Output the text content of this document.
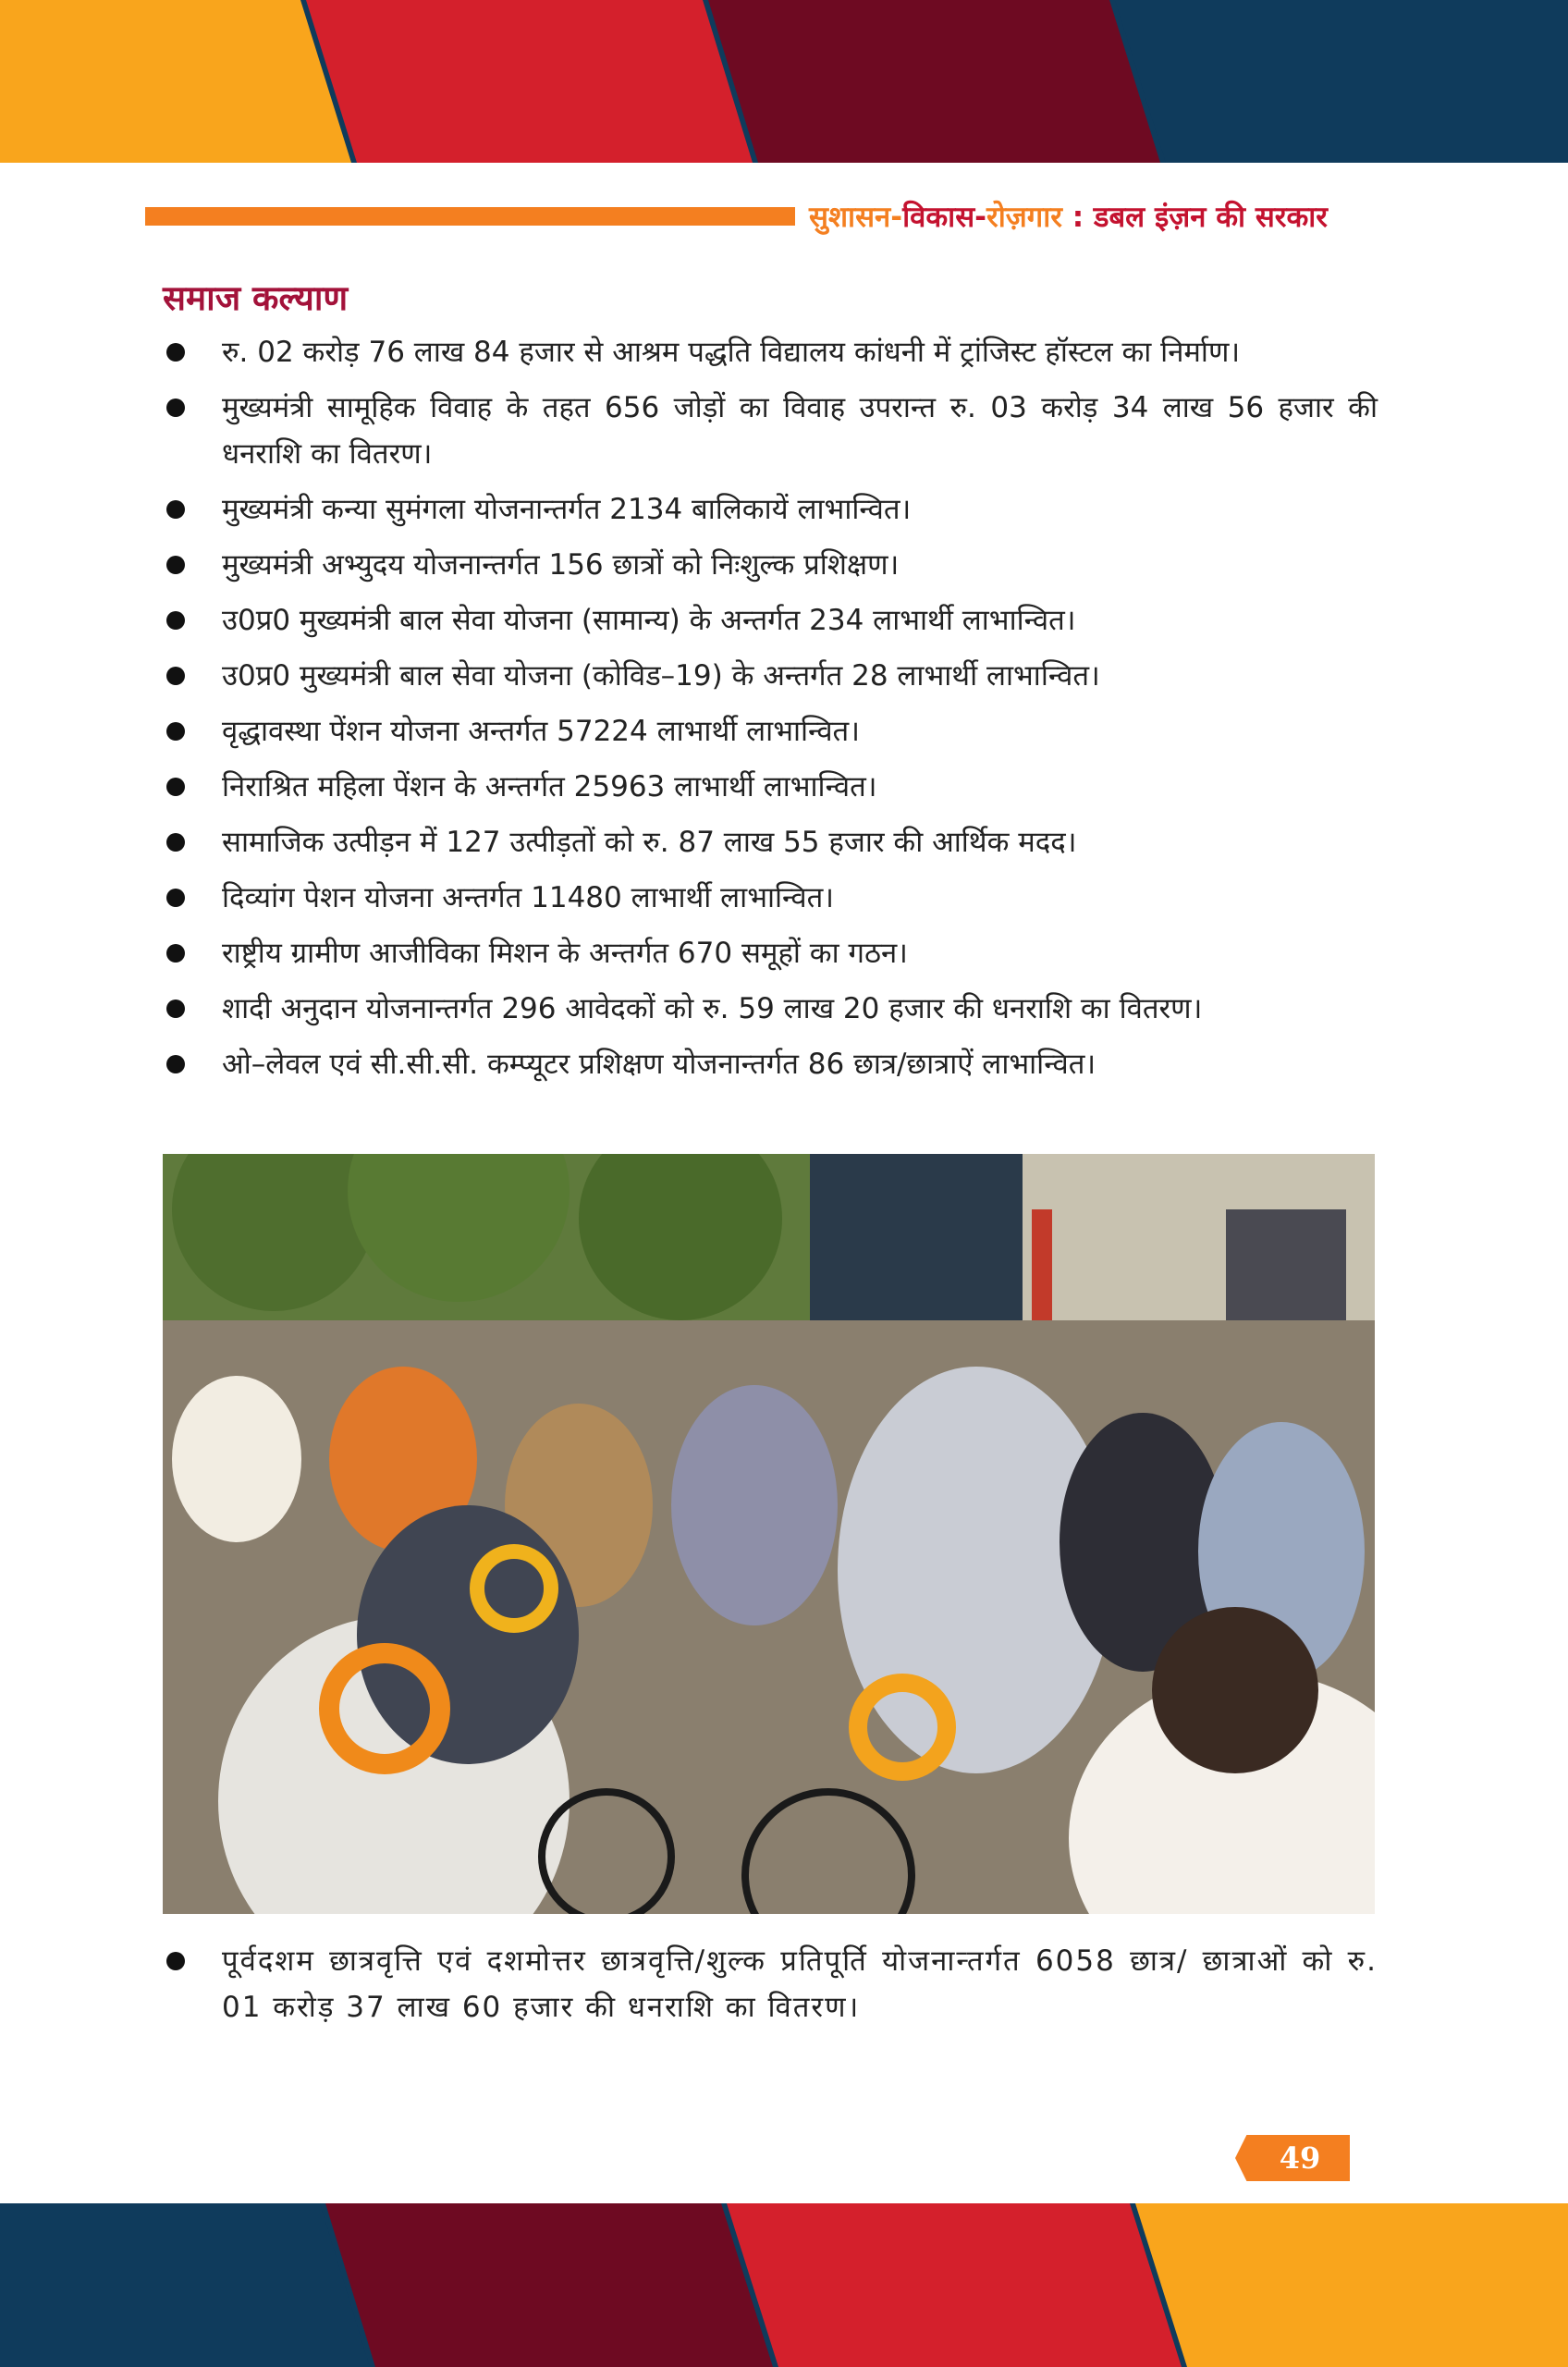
सुशासन-विकास-रोज़गार : डबल इंज़न की सरकार
समाज कल्याण
रु. 02 करोड़ 76 लाख 84 हजार से आश्रम पद्धति विद्यालय कांधनी में ट्रांजिस्ट हॉस्टल का निर्माण।
मुख्यमंत्री सामूहिक विवाह के तहत 656 जोड़ों का विवाह उपरान्त रु. 03 करोड़ 34 लाख 56 हजार की धनराशि का वितरण।
मुख्यमंत्री कन्या सुमंगला योजनान्तर्गत 2134 बालिकायें लाभान्वित।
मुख्यमंत्री अभ्युदय योजनान्तर्गत 156 छात्रों को निःशुल्क प्रशिक्षण।
उ0प्र0 मुख्यमंत्री बाल सेवा योजना (सामान्य) के अन्तर्गत 234 लाभार्थी लाभान्वित।
उ0प्र0 मुख्यमंत्री बाल सेवा योजना (कोविड–19) के अन्तर्गत 28 लाभार्थी लाभान्वित।
वृद्धावस्था पेंशन योजना अन्तर्गत 57224 लाभार्थी लाभान्वित।
निराश्रित महिला पेंशन के अन्तर्गत 25963 लाभार्थी लाभान्वित।
सामाजिक उत्पीड़न में 127 उत्पीड़तों को रु. 87 लाख 55 हजार की आर्थिक मदद।
दिव्यांग पेशन योजना अन्तर्गत 11480 लाभार्थी लाभान्वित।
राष्ट्रीय ग्रामीण आजीविका मिशन के अन्तर्गत 670 समूहों का गठन।
शादी अनुदान योजनान्तर्गत 296 आवेदकों को रु. 59 लाख 20 हजार की धनराशि का वितरण।
ओ–लेवल एवं सी.सी.सी. कम्प्यूटर प्रशिक्षण योजनान्तर्गत 86 छात्र/छात्राऐं लाभान्वित।
पूर्वदशम छात्रवृत्ति एवं दशमोत्तर छात्रवृत्ति/शुल्क प्रतिपूर्ति योजनान्तर्गत 6058 छात्र/ छात्राओं को रु. 01 करोड़ 37 लाख 60 हजार की धनराशि का वितरण।
49
